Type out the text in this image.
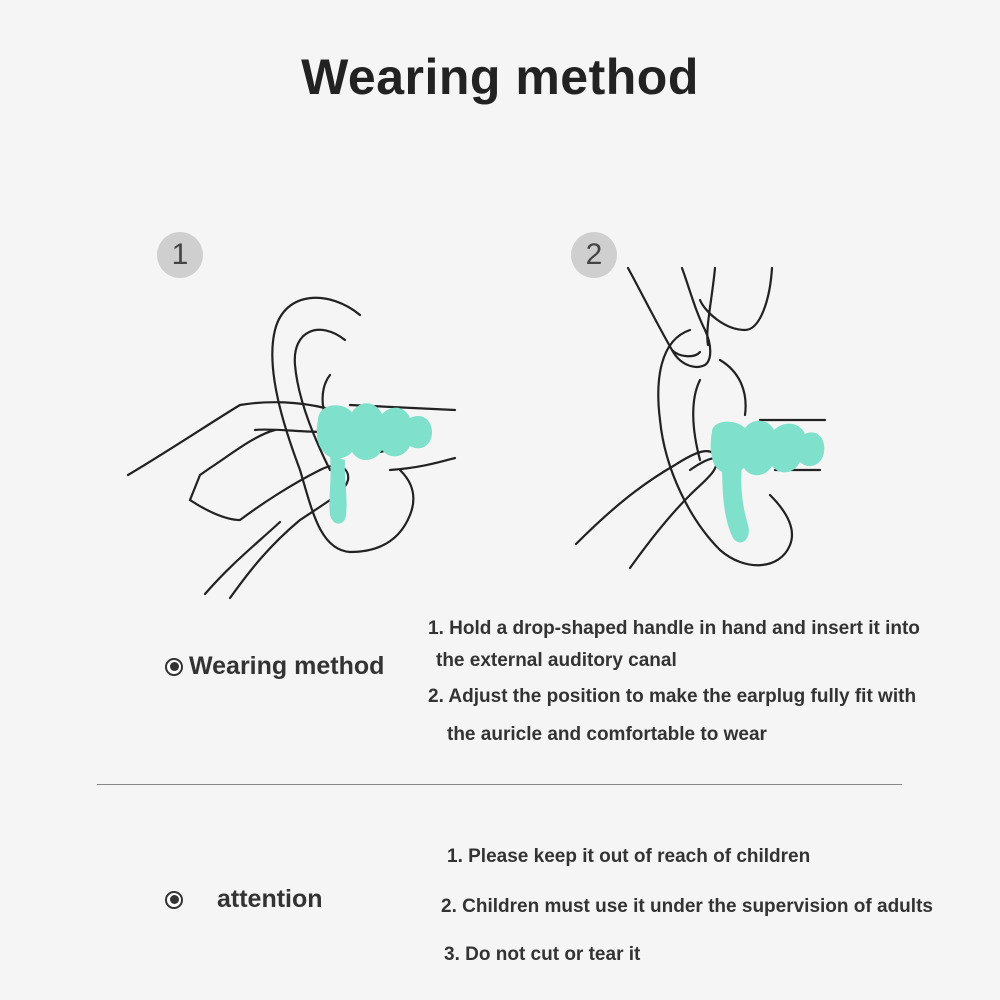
Wearing method
1	2
Wearing method
1. Hold a drop-shaped handle in hand and insert it into
the external auditory canal
2. Adjust the position to make the earplug fully fit with
the auricle and comfortable to wear
attention
1. Please keep it out of reach of children
2. Children must use it under the supervision of adults
3. Do not cut or tear it
